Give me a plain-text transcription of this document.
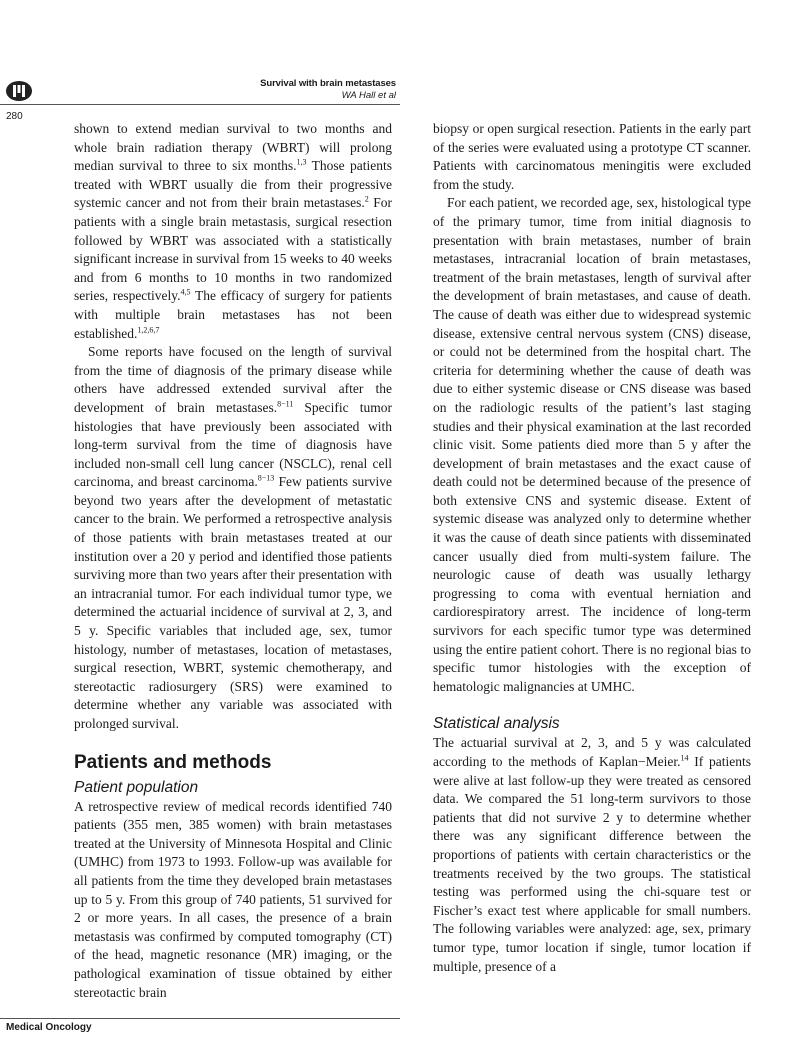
Survival with brain metastases
WA Hall et al
280

shown to extend median survival to two months and whole brain radiation therapy (WBRT) will prolong median survival to three to six months.$^{1,3}$ Those patients treated with WBRT usually die from their progressive systemic cancer and not from their brain metastases.$^2$ For patients with a single brain metastasis, surgical resection followed by WBRT was associated with a statistically significant increase in survival from 15 weeks to 40 weeks and from 6 months to 10 months in two randomized series, respectively.$^{4,5}$ The efficacy of surgery for patients with multiple brain metastases has not been established.$^{1,2,6,7}$

Some reports have focused on the length of survival from the time of diagnosis of the primary disease while others have addressed extended survival after the development of brain metastases.$^{8-11}$ Specific tumor histologies that have previously been associated with long-term survival from the time of diagnosis have included non-small cell lung cancer (NSCLC), renal cell carcinoma, and breast carcinoma.$^{8-13}$ Few patients survive beyond two years after the development of metastatic cancer to the brain. We performed a retrospective analysis of those patients with brain metastases treated at our institution over a 20 y period and identified those patients surviving more than two years after their presentation with an intracranial tumor. For each individual tumor type, we determined the actuarial incidence of survival at 2, 3, and 5 y. Specific variables that included age, sex, tumor histology, number of metastases, location of metastases, surgical resection, WBRT, systemic chemotherapy, and stereotactic radiosurgery (SRS) were examined to determine whether any variable was associated with prolonged survival.

Patients and methods
Patient population

A retrospective review of medical records identified 740 patients (355 men, 385 women) with brain metastases treated at the University of Minnesota Hospital and Clinic (UMHC) from 1973 to 1993. Follow-up was available for all patients from the time they developed brain metastases up to 5 y. From this group of 740 patients, 51 survived for 2 or more years. In all cases, the presence of a brain metastasis was confirmed by computed tomography (CT) of the head, magnetic resonance (MR) imaging, or the pathological examination of tissue obtained by either stereotactic brain

biopsy or open surgical resection. Patients in the early part of the series were evaluated using a prototype CT scanner. Patients with carcinomatous meningitis were excluded from the study.

For each patient, we recorded age, sex, histological type of the primary tumor, time from initial diagnosis to presentation with brain metastases, number of brain metastases, intracranial location of brain metastases, treatment of the brain metastases, length of survival after the development of brain metastases, and cause of death. The cause of death was either due to widespread systemic disease, extensive central nervous system (CNS) disease, or could not be determined from the hospital chart. The criteria for determining whether the cause of death was due to either systemic disease or CNS disease was based on the radiologic results of the patient’s last staging studies and their physical examination at the last recorded clinic visit. Some patients died more than 5 y after the development of brain metastases and the exact cause of death could not be determined because of the presence of both extensive CNS and systemic disease. Extent of systemic disease was analyzed only to determine whether it was the cause of death since patients with disseminated cancer usually died from multi-system failure. The neurologic cause of death was usually lethargy progressing to coma with eventual herniation and cardiorespiratory arrest. The incidence of long-term survivors for each specific tumor type was determined using the entire patient cohort. There is no regional bias to specific tumor histologies with the exception of hematologic malignancies at UMHC.

Statistical analysis

The actuarial survival at 2, 3, and 5 y was calculated according to the methods of Kaplan−Meier.$^{14}$ If patients were alive at last follow-up they were treated as censored data. We compared the 51 long-term survivors to those patients that did not survive 2 y to determine whether there was any significant difference between the proportions of patients with certain characteristics or the treatments received by the two groups. The statistical testing was performed using the chi-square test or Fischer’s exact test where applicable for small numbers. The following variables were analyzed: age, sex, primary tumor type, tumor location if single, tumor location if multiple, presence of a

Medical Oncology
